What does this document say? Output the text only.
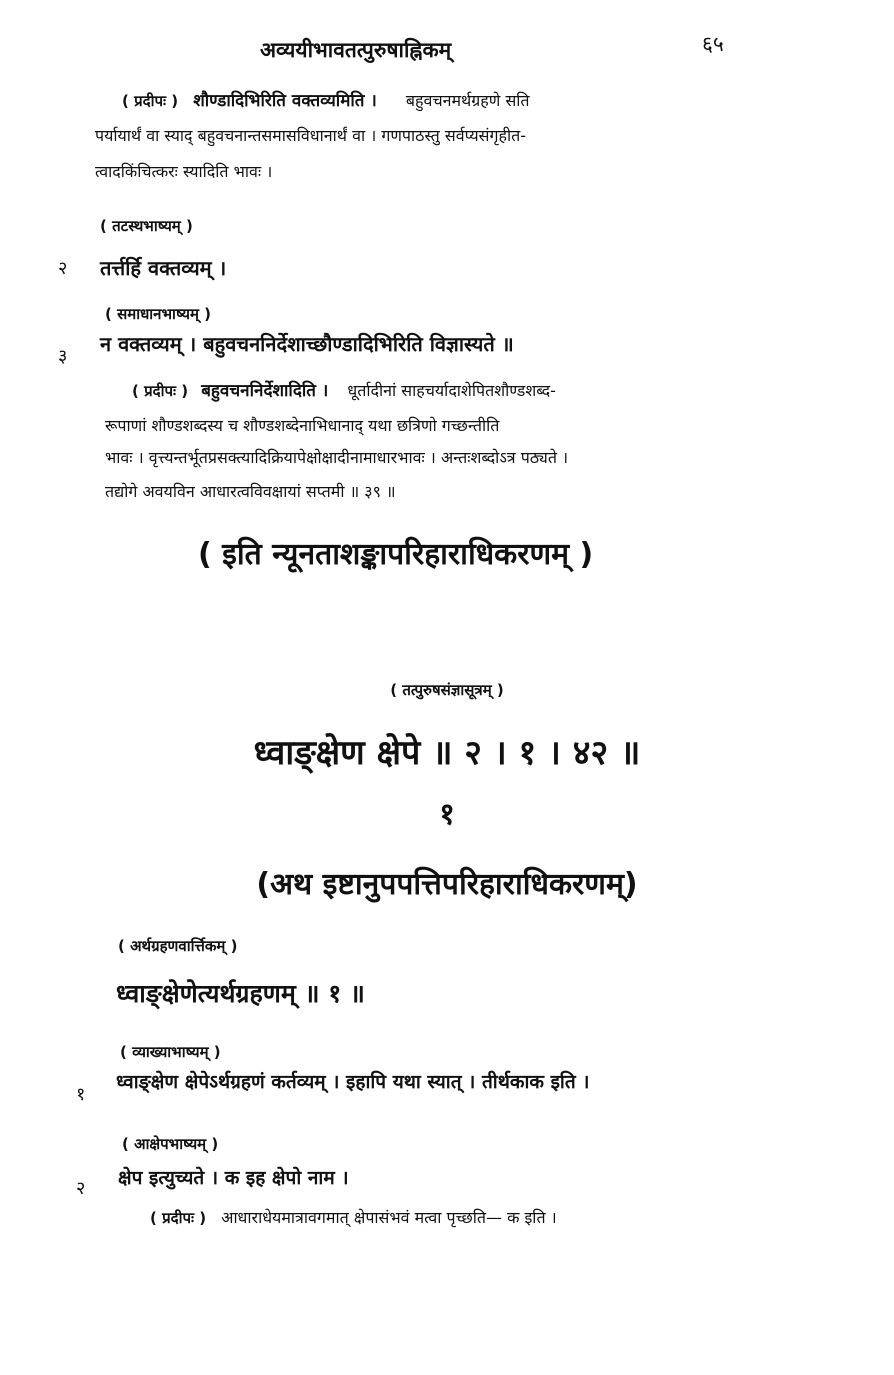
अव्ययीभावतत्पुरुषाह्निकम्	६५
( प्रदीपः ) शौण्डादिभिरिति वक्तव्यमिति । बहुवचनमर्थग्रहणे सति
पर्यायार्थं वा स्याद् बहुवचनान्तसमासविधानार्थं वा । गणपाठस्तु सर्वप्यसंगृहीत-
त्वादकिंचित्करः स्यादिति भावः ।
( तटस्थभाष्यम् )
२ तर्त्तर्हि वक्तव्यम् ।
( समाधानभाष्यम् )
३
न वक्तव्यम् । बहुवचननिर्देशाच्छौण्डादिभिरिति विज्ञास्यते ॥
( प्रदीपः ) बहुवचननिर्देशादिति । धूर्तादीनां साहचर्यादाशेपितशौण्डशब्द-
रूपाणां शौण्डशब्दस्य च शौण्डशब्देनाभिधानाद् यथा छत्रिणो गच्छन्तीति
भावः । वृत्त्यन्तर्भूतप्रसक्त्यादिक्रियापेक्षोक्षादीनामाधारभावः । अन्तःशब्दोऽत्र पठ्यते ।
तद्योगे अवयविन आधारत्वविवक्षायां सप्तमी ॥ ३९ ॥
( इति न्यूनताशङ्कापरिहाराधिकरणम् )
( तत्पुरुषसंज्ञासूत्रम् )
ध्वाङ्क्षेण क्षेपे ॥ २ । १ । ४२ ॥
१
(अथ इष्टानुपपत्तिपरिहाराधिकरणम्)
( अर्थग्रहणवार्त्तिकम् )
ध्वाङ्क्षेणेत्यर्थग्रहणम् ॥ १ ॥
( व्याख्याभाष्यम् )
१
ध्वाङ्क्षेण क्षेपेऽर्थग्रहणं कर्तव्यम् । इहापि यथा स्यात् । तीर्थकाक इति ।
( आक्षेपभाष्यम् )
२ क्षेप इत्युच्यते । क इह क्षेपो नाम ।
( प्रदीपः ) आधाराधेयमात्रावगमात् क्षेपासंभवं मत्वा पृच्छति— क इति ।
